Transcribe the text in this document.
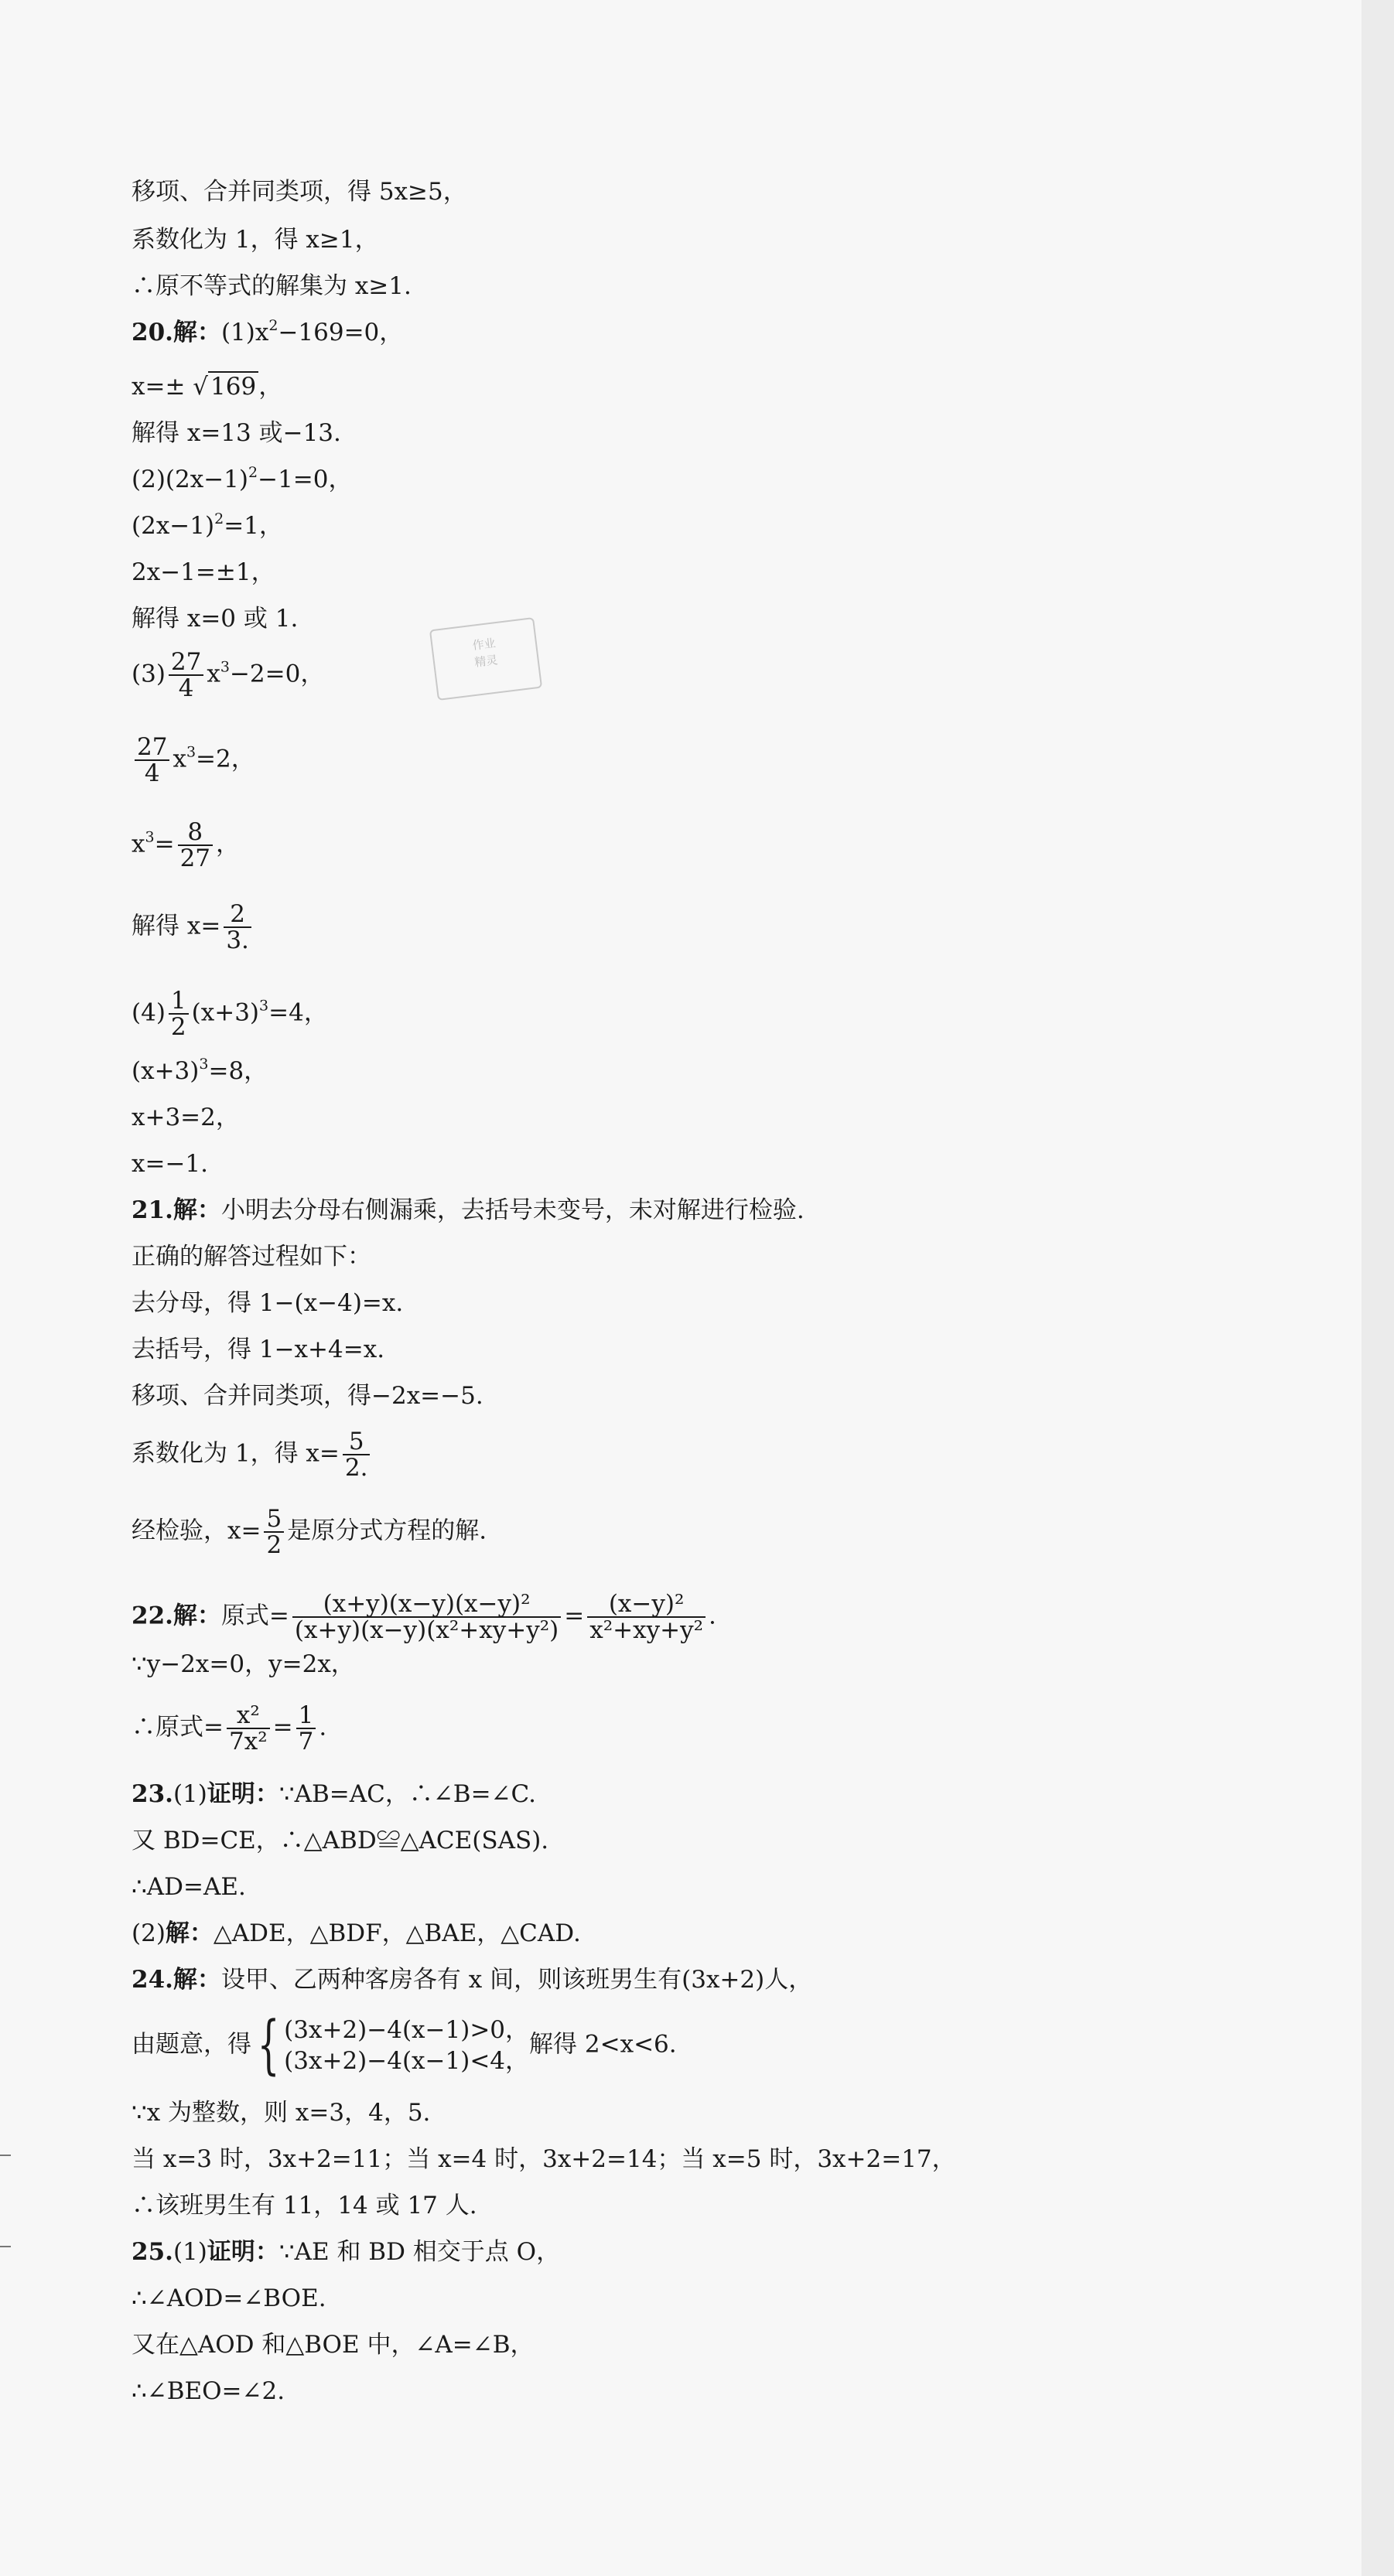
作业
精灵
移项、合并同类项，得 5x≥5，
系数化为 1，得 x≥1，
∴原不等式的解集为 x≥1.
20.解：$(1)x^2-169=0$，
x=± √169，
解得 x=13 或−13.
$(2)(2x-1)^2-1=0$，
$(2x-1)^2=1$，
2x−1=±1，
解得 x=0 或 1.
$(3) \frac{27}{4} x^3-2=0$，
$\frac{27}{4} x^3=2$，
$x^3= \frac{8}{27}$ ，
解得 $x= \frac{2}{3.}$
$(4) \frac{1}{2} (x+3)^3=4$，
$(x+3)^3=8$，
x+3=2，
x=−1.
21.解：小明去分母右侧漏乘，去括号未变号，未对解进行检验.
正确的解答过程如下：
去分母，得 1−(x−4)=x.
去括号，得 1−x+4=x.
移项、合并同类项，得−2x=−5.
系数化为 1，得 $x= \frac{5}{2.}$
经检验，$x= \frac{5}{2}$ 是原分式方程的解.
22.解：原式= $\frac{\text{(x+y)(x−y)(x−y)²}}{\text{(x+y)(x−y)(x²+xy+y²)}} = \frac{\text{(x−y)²}}{\text{x²+xy+y²}}$ .
∵y−2x=0，y=2x，
∴原式= $\frac{\text{x²}}{\text{7x²}} = \frac{1}{7}$ .
23.(1)证明：∵AB=AC，∴∠B=∠C.
又 BD=CE，∴△ABD≌△ACE(SAS).
∴AD=AE.
(2)解：△ADE，△BDF，△BAE，△CAD.
24.解：设甲、乙两种客房各有 x 间，则该班男生有(3x+2)人，
由题意，得{ (3x+2)−4(x−1)>0，
(3x+2)−4(x−1)<4，
解得 2<x<6.
∵x 为整数，则 x=3，4，5.
当 x=3 时，3x+2=11；当 x=4 时，3x+2=14；当 x=5 时，3x+2=17，
∴该班男生有 11，14 或 17 人.
25.(1)证明：∵AE 和 BD 相交于点 O，
∴∠AOD=∠BOE.
又在△AOD 和△BOE 中，∠A=∠B，
∴∠BEO=∠2.
